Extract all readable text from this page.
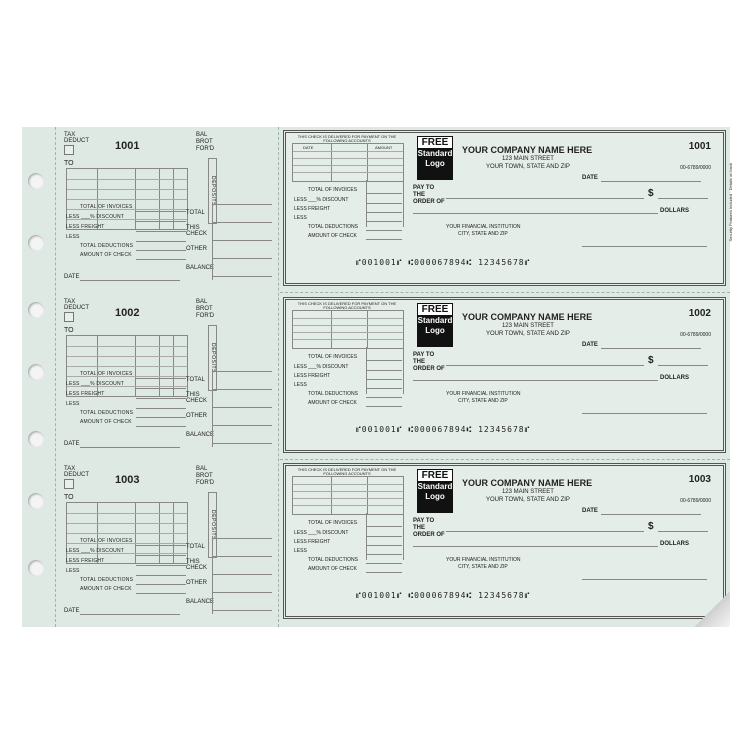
TAX DEDUCT 1001
BAL BROT FOR'D
TO
TOTAL OF INVOICES
LESS ___% DISCOUNT
LESS FREIGHT
LESS
TOTAL DEDUCTIONS
AMOUNT OF CHECK
DEPOSITS
TOTAL
THIS CHECK
OTHER
BALANCE
DATE
TAX DEDUCT 1002
BAL BROT FOR'D
TO
TOTAL OF INVOICES
LESS ___% DISCOUNT
LESS FREIGHT
LESS
TOTAL DEDUCTIONS
AMOUNT OF CHECK
DEPOSITS
TOTAL
THIS CHECK
OTHER
BALANCE
DATE
TAX DEDUCT 1003
BAL BROT FOR'D
TO
TOTAL OF INVOICES
LESS ___% DISCOUNT
LESS FREIGHT
LESS
TOTAL DEDUCTIONS
AMOUNT OF CHECK
DEPOSITS
TOTAL
THIS CHECK
OTHER
BALANCE
DATE
THIS CHECK IS DELIVERED FOR PAYMENT ON THE FOLLOWING ACCOUNTS
DATE	AMOUNT
TOTAL OF INVOICES
LESS ___% DISCOUNT
LESS FREIGHT
LESS
TOTAL DEDUCTIONS
AMOUNT OF CHECK
FREE
Standard
Logo
YOUR COMPANY NAME HERE
123 MAIN STREET
YOUR TOWN, STATE AND ZIP
1001
00-6789/0000
DATE
PAY TO THE ORDER OF
$
DOLLARS
YOUR FINANCIAL INSTITUTION
CITY, STATE AND ZIP
⑈001001⑈ ⑆000067894⑆ 12345678⑈
Security Features Included · Details on back
THIS CHECK IS DELIVERED FOR PAYMENT ON THE FOLLOWING ACCOUNTS
TOTAL OF INVOICES
LESS ___% DISCOUNT
LESS FREIGHT
LESS
TOTAL DEDUCTIONS
AMOUNT OF CHECK
FREE
Standard
Logo
YOUR COMPANY NAME HERE
123 MAIN STREET
YOUR TOWN, STATE AND ZIP
1002
00-6789/0000
DATE
PAY TO THE ORDER OF
$
DOLLARS
YOUR FINANCIAL INSTITUTION
CITY, STATE AND ZIP
⑈001001⑈ ⑆000067894⑆ 12345678⑈
THIS CHECK IS DELIVERED FOR PAYMENT ON THE FOLLOWING ACCOUNTS
TOTAL OF INVOICES
LESS ___% DISCOUNT
LESS FREIGHT
LESS
TOTAL DEDUCTIONS
AMOUNT OF CHECK
FREE
Standard
Logo
YOUR COMPANY NAME HERE
123 MAIN STREET
YOUR TOWN, STATE AND ZIP
1003
00-6789/0000
DATE
PAY TO THE ORDER OF
$
DOLLARS
YOUR FINANCIAL INSTITUTION
CITY, STATE AND ZIP
⑈001001⑈ ⑆000067894⑆ 12345678⑈
